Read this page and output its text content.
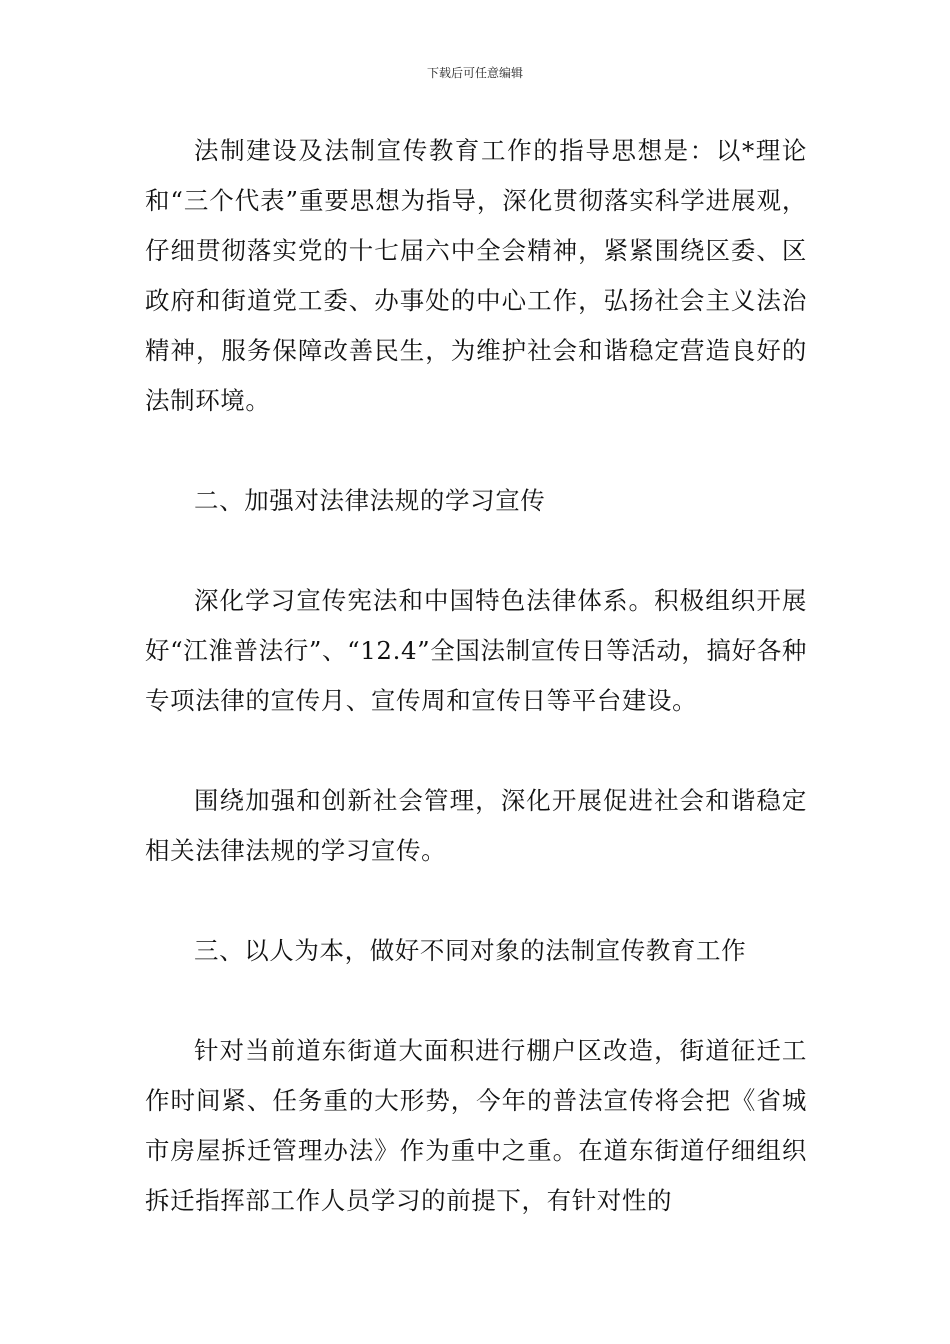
下载后可任意编辑

法制建设及法制宣传教育工作的指导思想是：以*理论和“三个代表”重要思想为指导，深化贯彻落实科学进展观，仔细贯彻落实党的十七届六中全会精神，紧紧围绕区委、区政府和街道党工委、办事处的中心工作，弘扬社会主义法治精神，服务保障改善民生，为维护社会和谐稳定营造良好的法制环境。

二、加强对法律法规的学习宣传

深化学习宣传宪法和中国特色法律体系。积极组织开展好“江淮普法行”、“12.4”全国法制宣传日等活动，搞好各种专项法律的宣传月、宣传周和宣传日等平台建设。

围绕加强和创新社会管理，深化开展促进社会和谐稳定相关法律法规的学习宣传。

三、以人为本，做好不同对象的法制宣传教育工作

针对当前道东街道大面积进行棚户区改造，街道征迁工作时间紧、任务重的大形势，今年的普法宣传将会把《省城市房屋拆迁管理办法》作为重中之重。在道东街道仔细组织拆迁指挥部工作人员学习的前提下，有针对性的
